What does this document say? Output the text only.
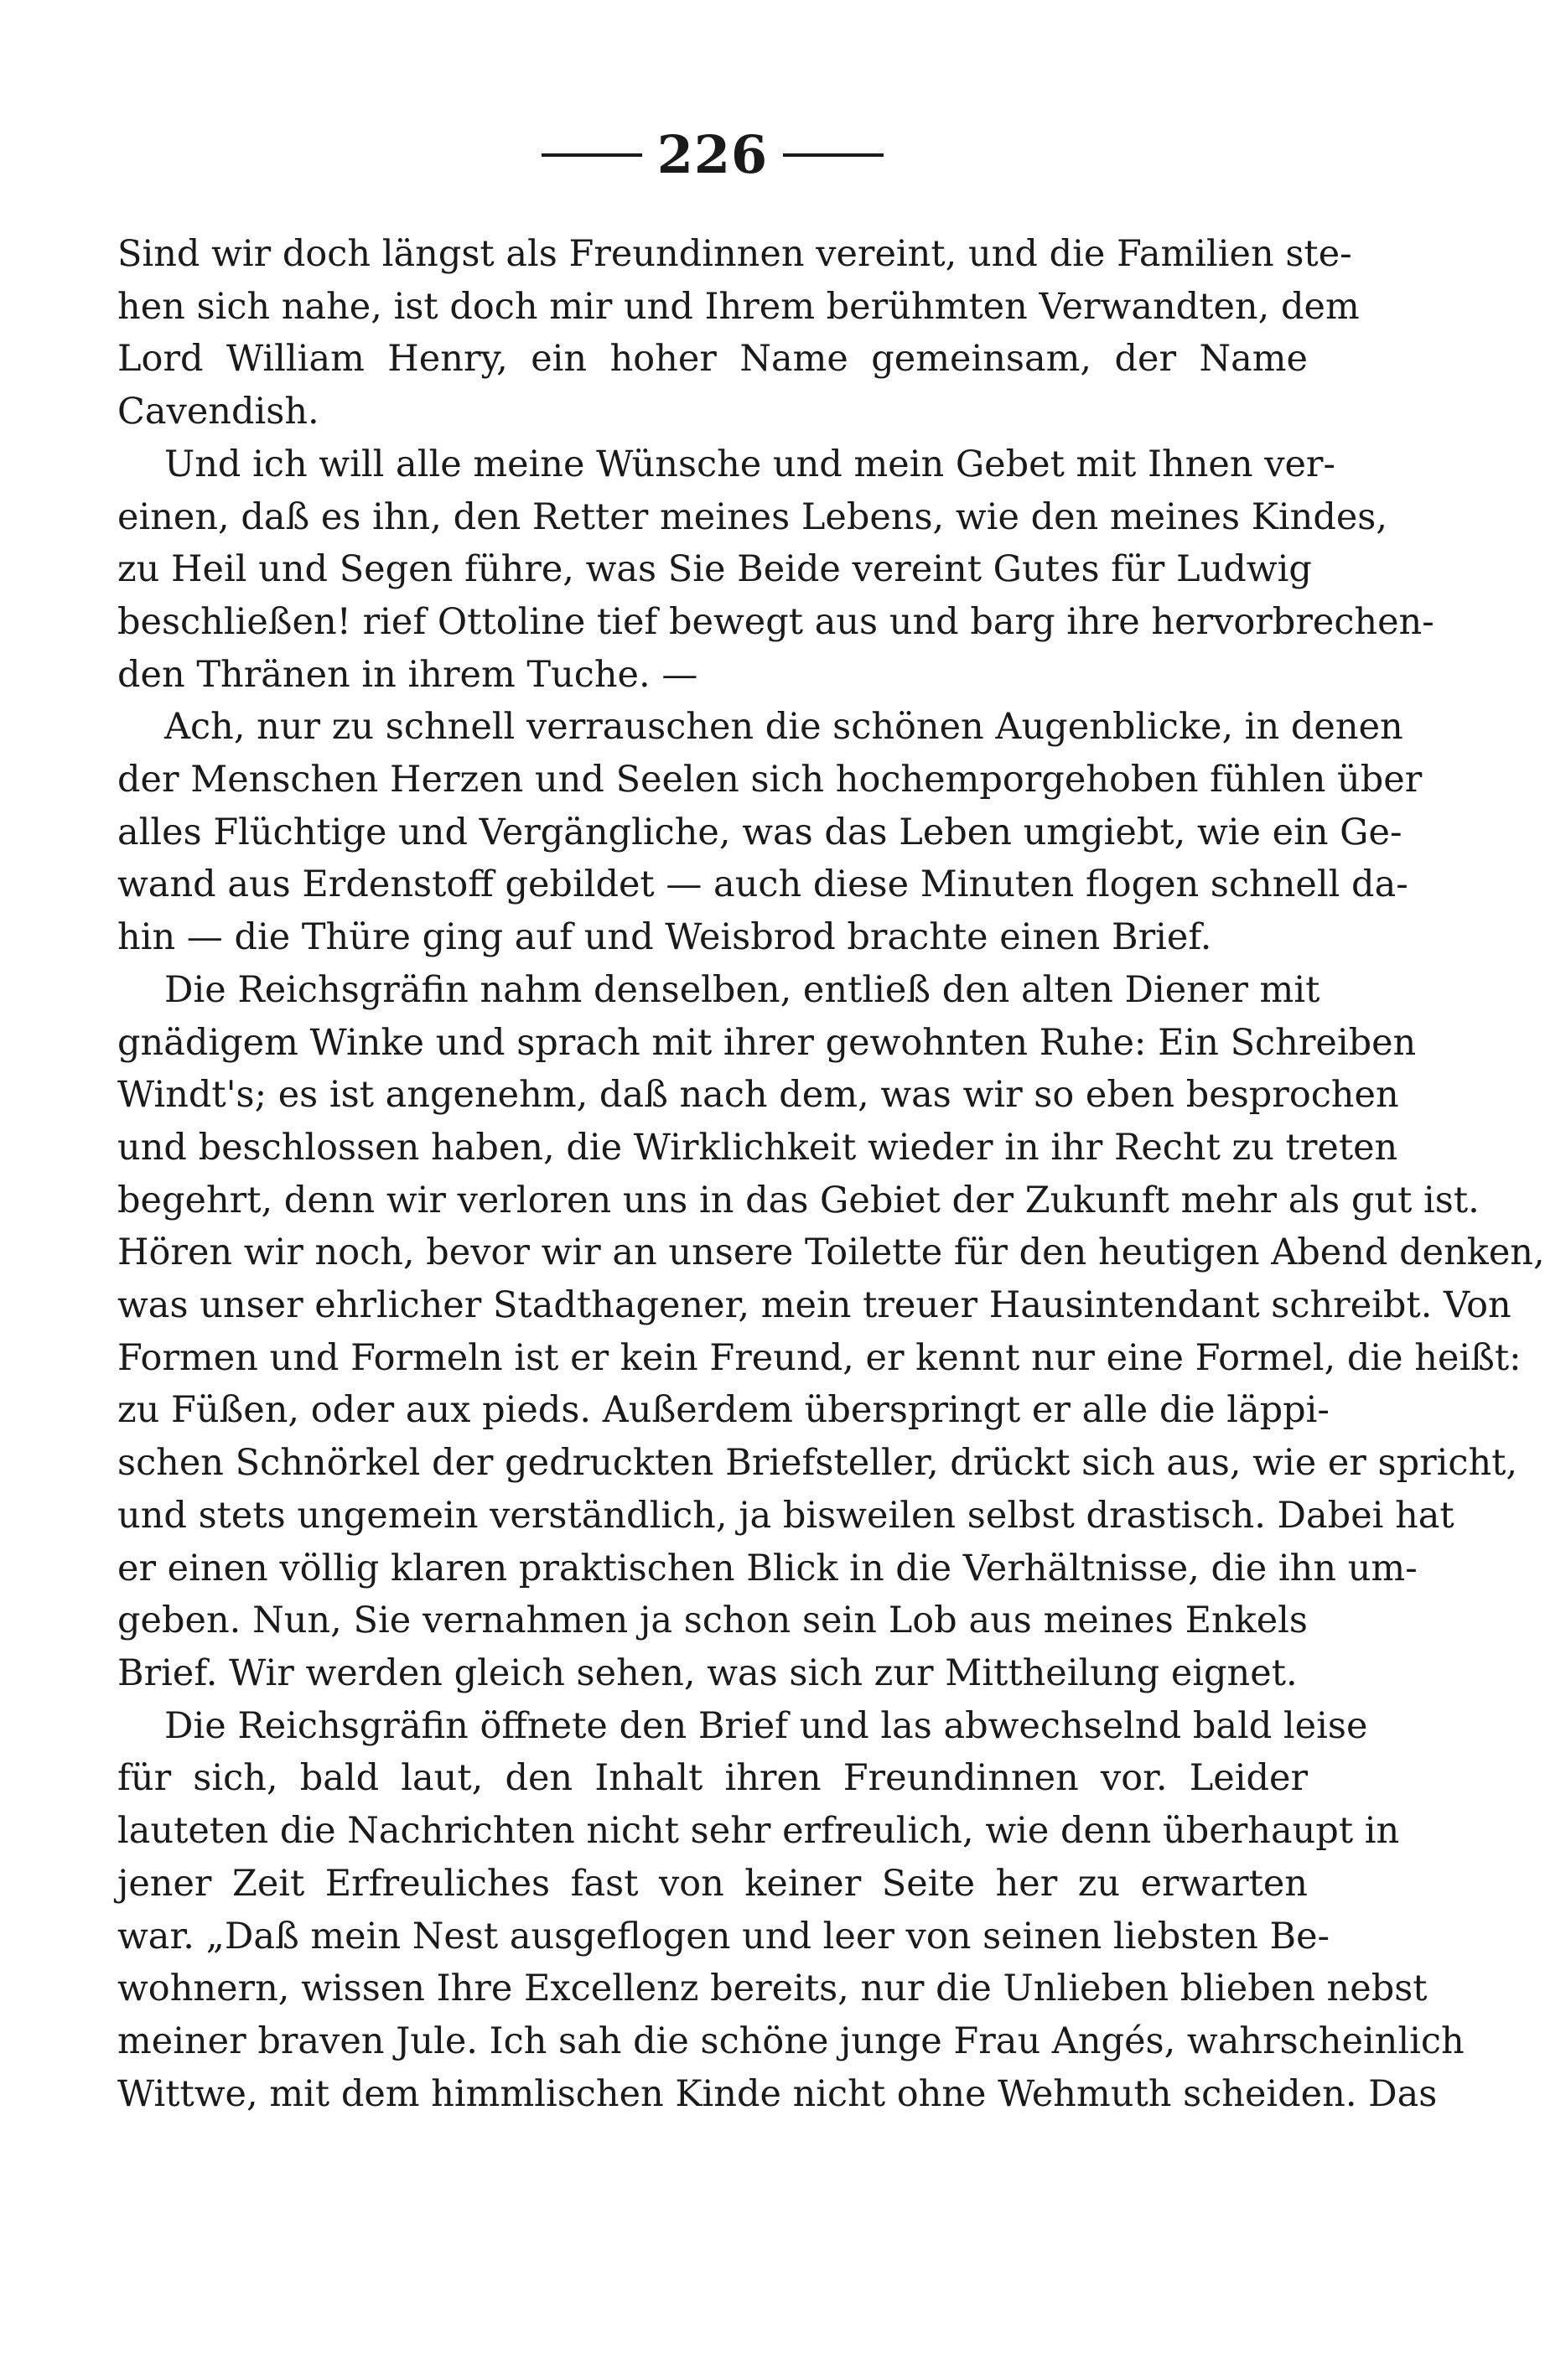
226

Sind wir doch längst als Freundinnen vereint, und die Familien ste-
hen sich nahe, ist doch mir und Ihrem berühmten Verwandten, dem
Lord William Henry, ein hoher Name gemeinsam, der Name
Cavendish.

Und ich will alle meine Wünsche und mein Gebet mit Ihnen ver-
einen, daß es ihn, den Retter meines Lebens, wie den meines Kindes,
zu Heil und Segen führe, was Sie Beide vereint Gutes für Ludwig
beschließen! rief Ottoline tief bewegt aus und barg ihre hervorbrechen-
den Thränen in ihrem Tuche. —

Ach, nur zu schnell verrauschen die schönen Augenblicke, in denen
der Menschen Herzen und Seelen sich hochemporgehoben fühlen über
alles Flüchtige und Vergängliche, was das Leben umgiebt, wie ein Ge-
wand aus Erdenstoff gebildet — auch diese Minuten flogen schnell da-
hin — die Thüre ging auf und Weisbrod brachte einen Brief.

Die Reichsgräfin nahm denselben, entließ den alten Diener mit
gnädigem Winke und sprach mit ihrer gewohnten Ruhe: Ein Schreiben
Windt's; es ist angenehm, daß nach dem, was wir so eben besprochen
und beschlossen haben, die Wirklichkeit wieder in ihr Recht zu treten
begehrt, denn wir verloren uns in das Gebiet der Zukunft mehr als gut ist.
Hören wir noch, bevor wir an unsere Toilette für den heutigen Abend denken,
was unser ehrlicher Stadthagener, mein treuer Hausintendant schreibt. Von
Formen und Formeln ist er kein Freund, er kennt nur eine Formel, die heißt:
zu Füßen, oder aux pieds. Außerdem überspringt er alle die läppi-
schen Schnörkel der gedruckten Briefsteller, drückt sich aus, wie er spricht,
und stets ungemein verständlich, ja bisweilen selbst drastisch. Dabei hat
er einen völlig klaren praktischen Blick in die Verhältnisse, die ihn um-
geben. Nun, Sie vernahmen ja schon sein Lob aus meines Enkels
Brief. Wir werden gleich sehen, was sich zur Mittheilung eignet.

Die Reichsgräfin öffnete den Brief und las abwechselnd bald leise
für sich, bald laut, den Inhalt ihren Freundinnen vor. Leider
lauteten die Nachrichten nicht sehr erfreulich, wie denn überhaupt in
jener Zeit Erfreuliches fast von keiner Seite her zu erwarten
war. „Daß mein Nest ausgeflogen und leer von seinen liebsten Be-
wohnern, wissen Ihre Excellenz bereits, nur die Unlieben blieben nebst
meiner braven Jule. Ich sah die schöne junge Frau Angés, wahrscheinlich
Wittwe, mit dem himmlischen Kinde nicht ohne Wehmuth scheiden. Das
